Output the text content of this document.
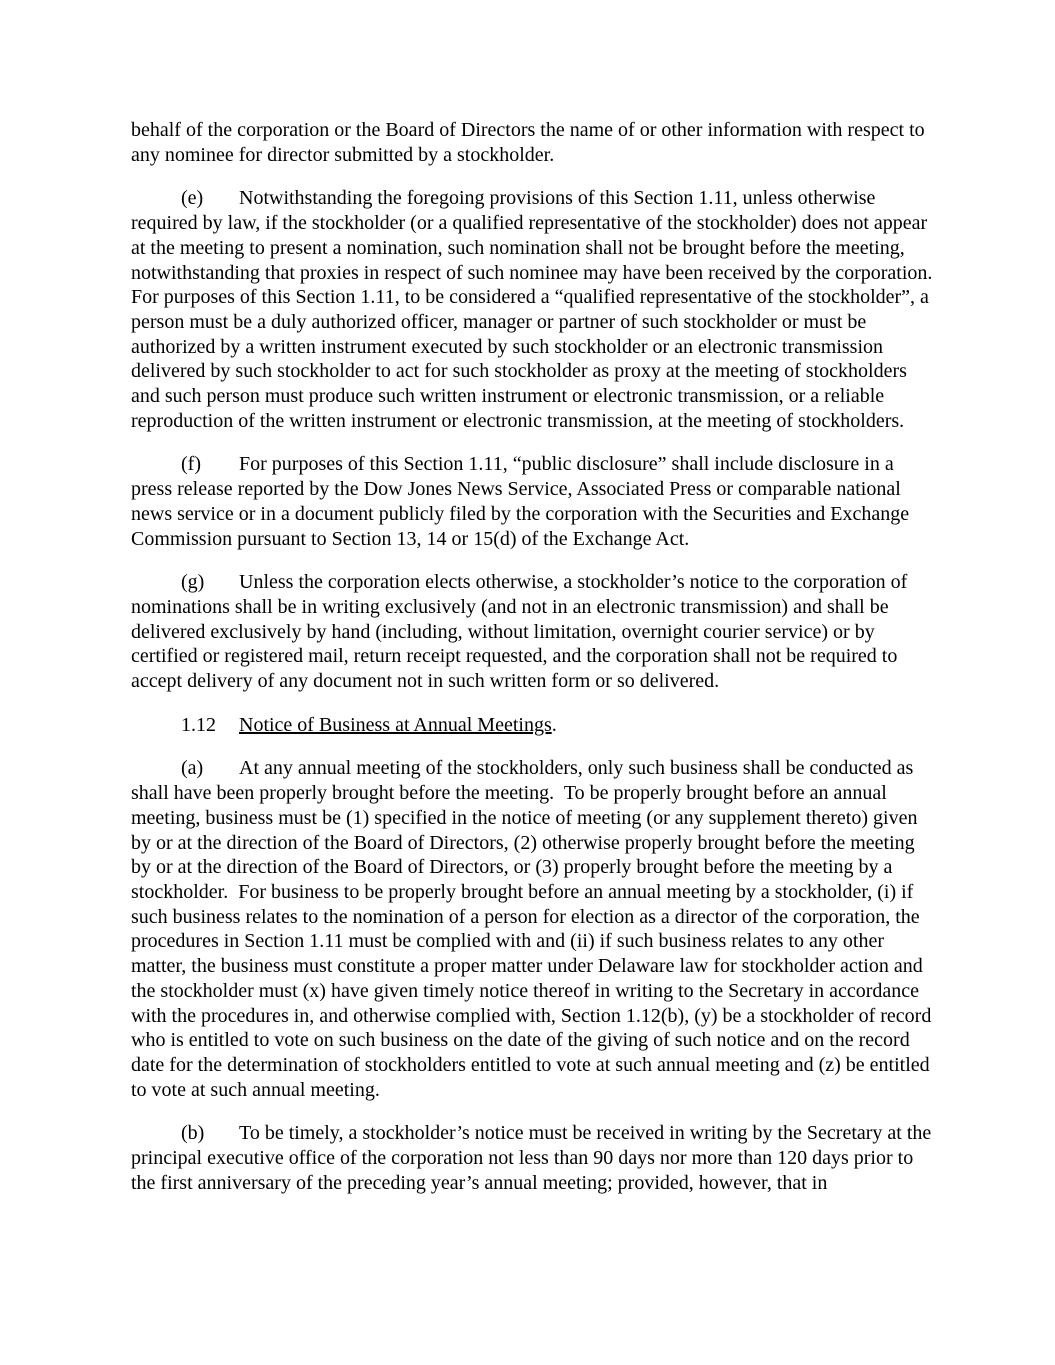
behalf of the corporation or the Board of Directors the name of or other information with respect to any nominee for director submitted by a stockholder.

(e) Notwithstanding the foregoing provisions of this Section 1.11, unless otherwise required by law, if the stockholder (or a qualified representative of the stockholder) does not appear at the meeting to present a nomination, such nomination shall not be brought before the meeting, notwithstanding that proxies in respect of such nominee may have been received by the corporation.  For purposes of this Section 1.11, to be considered a “qualified representative of the stockholder”, a person must be a duly authorized officer, manager or partner of such stockholder or must be authorized by a written instrument executed by such stockholder or an electronic transmission delivered by such stockholder to act for such stockholder as proxy at the meeting of stockholders and such person must produce such written instrument or electronic transmission, or a reliable reproduction of the written instrument or electronic transmission, at the meeting of stockholders.

(f) For purposes of this Section 1.11, “public disclosure” shall include disclosure in a press release reported by the Dow Jones News Service, Associated Press or comparable national news service or in a document publicly filed by the corporation with the Securities and Exchange Commission pursuant to Section 13, 14 or 15(d) of the Exchange Act.

(g) Unless the corporation elects otherwise, a stockholder’s notice to the corporation of nominations shall be in writing exclusively (and not in an electronic transmission) and shall be delivered exclusively by hand (including, without limitation, overnight courier service) or by certified or registered mail, return receipt requested, and the corporation shall not be required to accept delivery of any document not in such written form or so delivered.

1.12 Notice of Business at Annual Meetings.

(a) At any annual meeting of the stockholders, only such business shall be conducted as shall have been properly brought before the meeting.  To be properly brought before an annual meeting, business must be (1) specified in the notice of meeting (or any supplement thereto) given by or at the direction of the Board of Directors, (2) otherwise properly brought before the meeting by or at the direction of the Board of Directors, or (3) properly brought before the meeting by a stockholder.  For business to be properly brought before an annual meeting by a stockholder, (i) if such business relates to the nomination of a person for election as a director of the corporation, the procedures in Section 1.11 must be complied with and (ii) if such business relates to any other matter, the business must constitute a proper matter under Delaware law for stockholder action and the stockholder must (x) have given timely notice thereof in writing to the Secretary in accordance with the procedures in, and otherwise complied with, Section 1.12(b), (y) be a stockholder of record who is entitled to vote on such business on the date of the giving of such notice and on the record date for the determination of stockholders entitled to vote at such annual meeting and (z) be entitled to vote at such annual meeting.

(b) To be timely, a stockholder’s notice must be received in writing by the Secretary at the principal executive office of the corporation not less than 90 days nor more than 120 days prior to the first anniversary of the preceding year’s annual meeting; provided, however, that in
